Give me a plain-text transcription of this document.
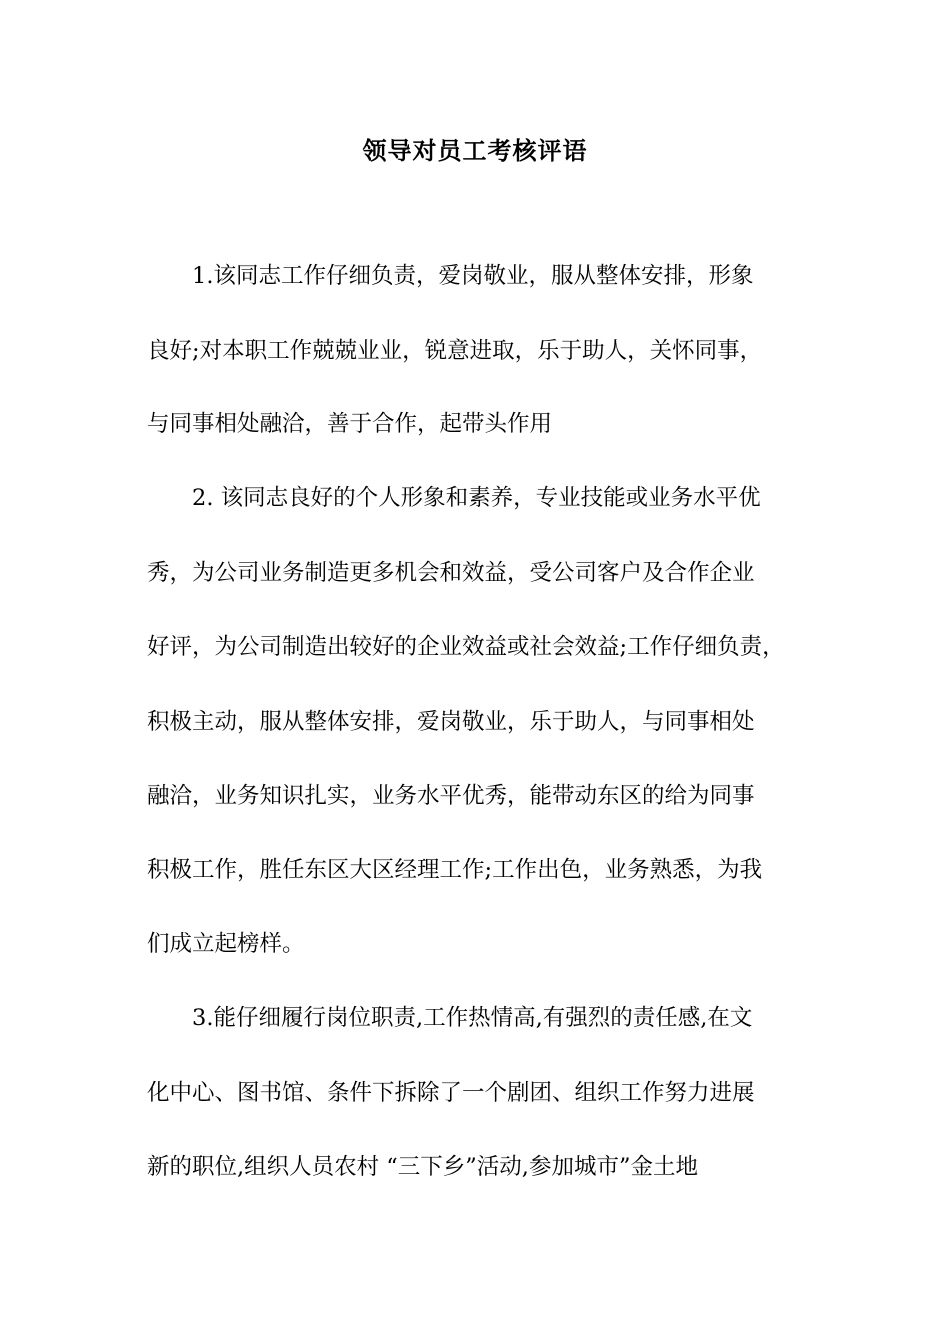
领导对员工考核评语
1.该同志工作仔细负责，爱岗敬业，服从整体安排，形象
良好;对本职工作兢兢业业，锐意进取，乐于助人，关怀同事，
与同事相处融洽，善于合作，起带头作用
2. 该同志良好的个人形象和素养，专业技能或业务水平优
秀，为公司业务制造更多机会和效益，受公司客户及合作企业
好评，为公司制造出较好的企业效益或社会效益;工作仔细负责，
积极主动，服从整体安排，爱岗敬业，乐于助人，与同事相处
融洽，业务知识扎实，业务水平优秀，能带动东区的给为同事
积极工作，胜任东区大区经理工作;工作出色，业务熟悉，为我
们成立起榜样。
3.能仔细履行岗位职责,工作热情高,有强烈的责任感,在文
化中心、图书馆、条件下拆除了一个剧团、组织工作努力进展
新的职位,组织人员农村 “三下乡”活动,参加城市”金土地
